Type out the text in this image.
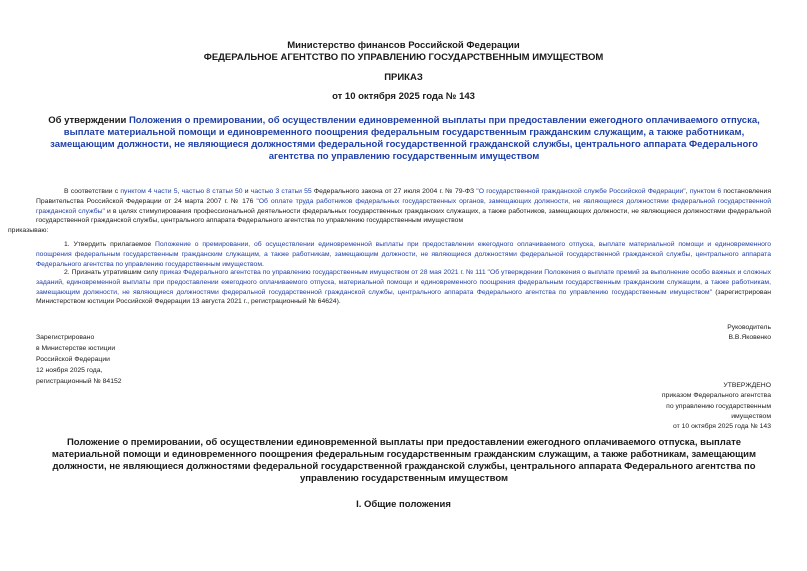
Министерство финансов Российской Федерации
ФЕДЕРАЛЬНОЕ АГЕНТСТВО ПО УПРАВЛЕНИЮ ГОСУДАРСТВЕННЫМ ИМУЩЕСТВОМ
ПРИКАЗ
от 10 октября 2025 года № 143
Об утверждении Положения о премировании, об осуществлении единовременной выплаты при предоставлении ежегодного оплачиваемого отпуска, выплате материальной помощи и единовременного поощрения федеральным государственным гражданским служащим, а также работникам, замещающим должности, не являющиеся должностями федеральной государственной гражданской службы, центрального аппарата Федерального агентства по управлению государственным имуществом
В соответствии с пунктом 4 части 5, частью 8 статьи 50 и частью 3 статьи 55 Федерального закона от 27 июля 2004 г. № 79-ФЗ "О государственной гражданской службе Российской Федерации", пунктом 6 постановления Правительства Российской Федерации от 24 марта 2007 г. № 176 "Об оплате труда работников федеральных государственных органов, замещающих должности, не являющиеся должностями федеральной государственной гражданской службы" и в целях стимулирования профессиональной деятельности федеральных государственных гражданских служащих, а также работников, замещающих должности, не являющиеся должностями федеральной государственной гражданской службы, центрального аппарата Федерального агентства по управлению государственным имуществом
приказываю:
1. Утвердить прилагаемое Положение о премировании, об осуществлении единовременной выплаты при предоставлении ежегодного оплачиваемого отпуска, выплате материальной помощи и единовременного поощрения федеральным государственным гражданским служащим, а также работникам, замещающим должности, не являющиеся должностями федеральной государственной гражданской службы, центрального аппарата Федерального агентства по управлению государственным имуществом.
2. Признать утратившим силу приказ Федерального агентства по управлению государственным имуществом от 28 мая 2021 г. № 111 "Об утверждении Положения о выплате премий за выполнение особо важных и сложных заданий, единовременной выплаты при предоставлении ежегодного оплачиваемого отпуска, материальной помощи и единовременного поощрения федеральным государственным гражданским служащим, а также работникам, замещающим должности, не являющиеся должностями федеральной государственной гражданской службы, центрального аппарата Федерального агентства по управлению государственным имуществом" (зарегистрирован Министерством юстиции Российской Федерации 13 августа 2021 г., регистрационный № 64624).
Руководитель
В.В.Яковенко
Зарегистрировано
в Министерстве юстиции
Российской Федерации
12 ноября 2025 года,
регистрационный № 84152
УТВЕРЖДЕНО
приказом Федерального агентства
по управлению государственным
имуществом
от 10 октября 2025 года № 143
Положение о премировании, об осуществлении единовременной выплаты при предоставлении ежегодного оплачиваемого отпуска, выплате материальной помощи и единовременного поощрения федеральным государственным гражданским служащим, а также работникам, замещающим должности, не являющиеся должностями федеральной государственной гражданской службы, центрального аппарата Федерального агентства по управлению государственным имуществом
I. Общие положения
